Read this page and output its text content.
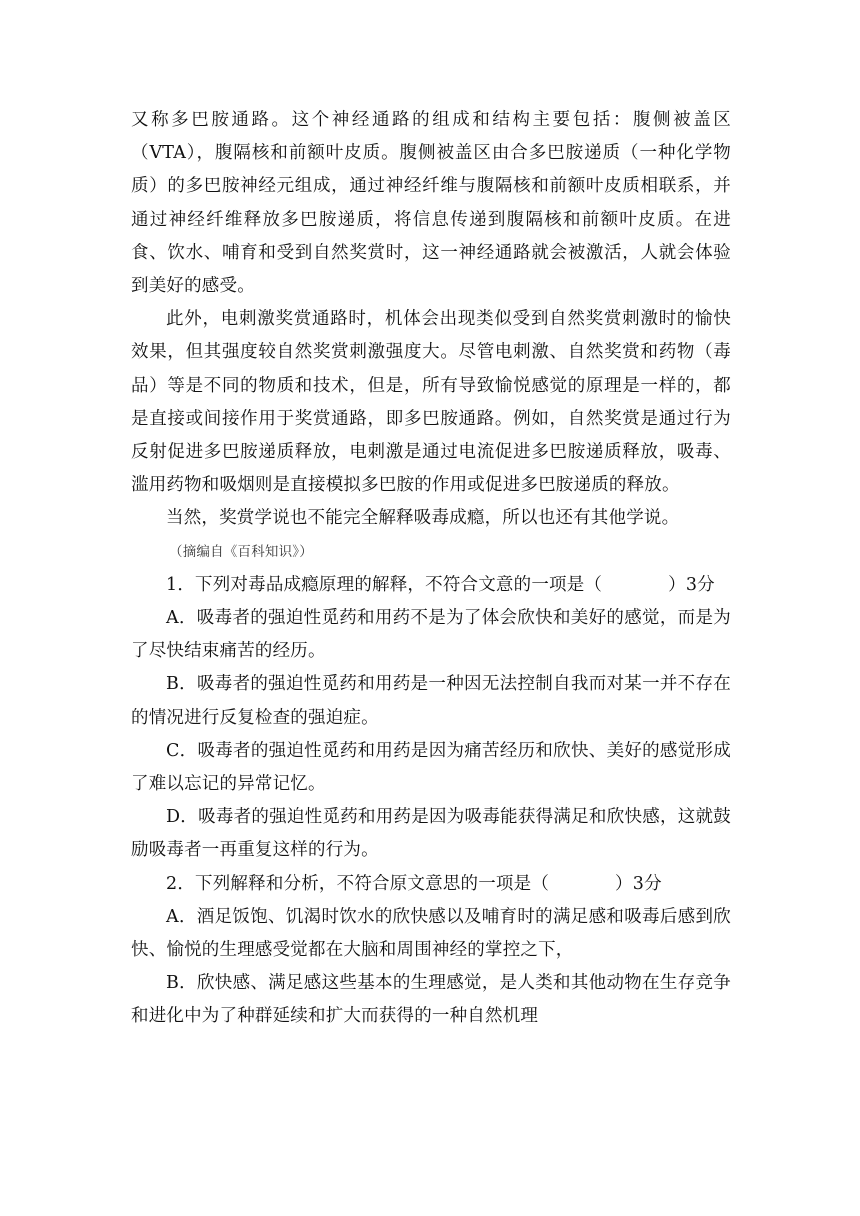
又称多巴胺通路。这个神经通路的组成和结构主要包括：腹侧被盖区（VTA），腹隔核和前额叶皮质。腹侧被盖区由合多巴胺递质（一种化学物质）的多巴胺神经元组成，通过神经纤维与腹隔核和前额叶皮质相联系，并通过神经纤维释放多巴胺递质，将信息传递到腹隔核和前额叶皮质。在进食、饮水、哺育和受到自然奖赏时，这一神经通路就会被激活，人就会体验到美好的感受。

此外，电刺激奖赏通路时，机体会出现类似受到自然奖赏刺激时的愉快效果，但其强度较自然奖赏刺激强度大。尽管电刺激、自然奖赏和药物（毒品）等是不同的物质和技术，但是，所有导致愉悦感觉的原理是一样的，都是直接或间接作用于奖赏通路，即多巴胺通路。例如，自然奖赏是通过行为反射促进多巴胺递质释放，电刺激是通过电流促进多巴胺递质释放，吸毒、滥用药物和吸烟则是直接模拟多巴胺的作用或促进多巴胺递质的释放。

当然，奖赏学说也不能完全解释吸毒成瘾，所以也还有其他学说。

（摘编自《百科知识》）

1．下列对毒品成瘾原理的解释，不符合文意的一项是（	）3分

A．吸毒者的强迫性觅药和用药不是为了体会欣快和美好的感觉，而是为了尽快结束痛苦的经历。

B．吸毒者的强迫性觅药和用药是一种因无法控制自我而对某一并不存在的情况进行反复检查的强迫症。

C．吸毒者的强迫性觅药和用药是因为痛苦经历和欣快、美好的感觉形成了难以忘记的异常记忆。

D．吸毒者的强迫性觅药和用药是因为吸毒能获得满足和欣快感，这就鼓励吸毒者一再重复这样的行为。

2．下列解释和分析，不符合原文意思的一项是（	）3分

A．酒足饭饱、饥渴时饮水的欣快感以及哺育时的满足感和吸毒后感到欣快、愉悦的生理感受觉都在大脑和周围神经的掌控之下，

B．欣快感、满足感这些基本的生理感觉，是人类和其他动物在生存竞争和进化中为了种群延续和扩大而获得的一种自然机理
